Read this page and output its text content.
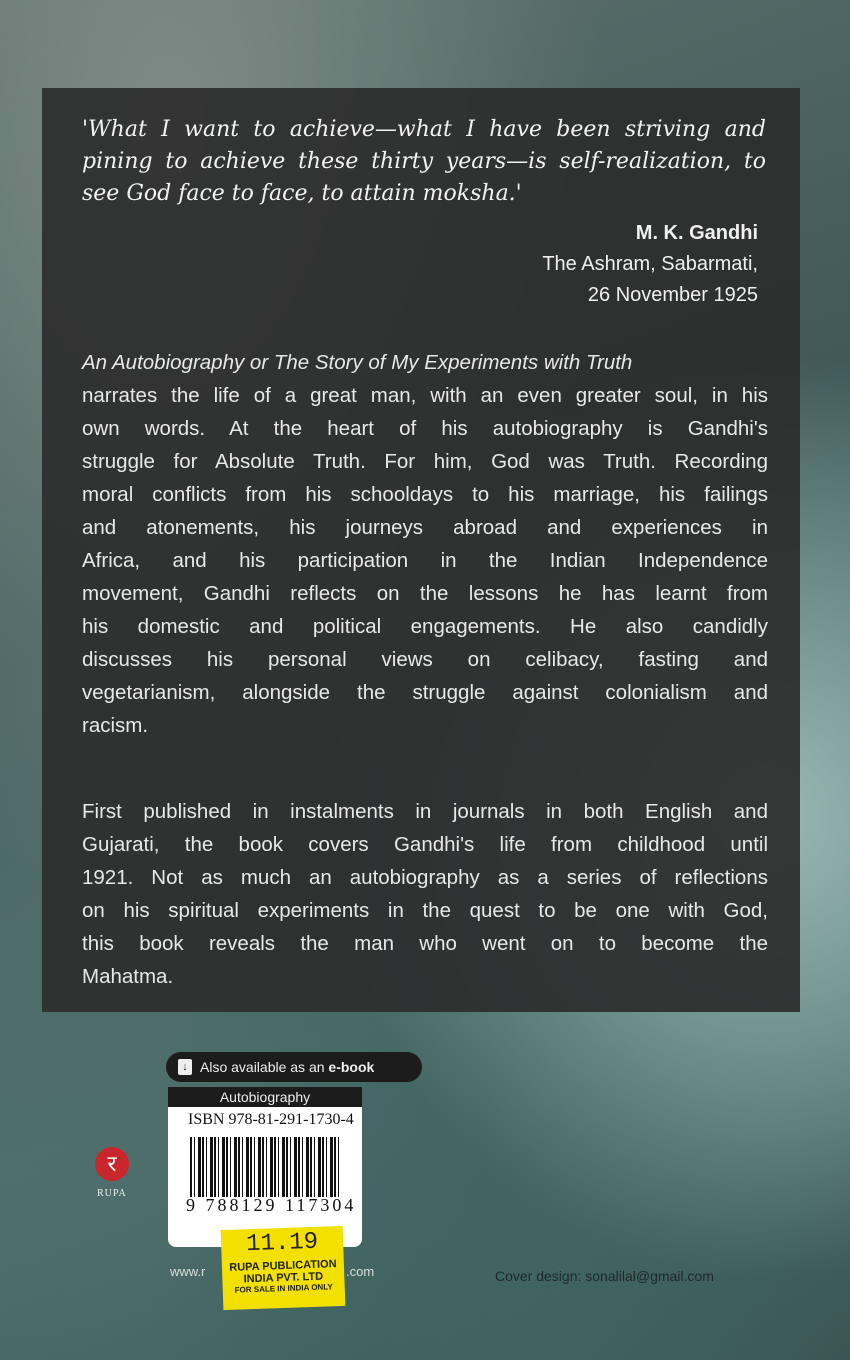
'What I want to achieve—what I have been striving and
pining to achieve these thirty years—is self-realization, to
see God face to face, to attain moksha.'
M. K. Gandhi
The Ashram, Sabarmati,
26 November 1925
An Autobiography or The Story of My Experiments with Truth
narrates the life of a great man, with an even greater soul, in his
own words. At the heart of his autobiography is Gandhi's
struggle for Absolute Truth. For him, God was Truth. Recording
moral conflicts from his schooldays to his marriage, his failings
and atonements, his journeys abroad and experiences in
Africa, and his participation in the Indian Independence
movement, Gandhi reflects on the lessons he has learnt from
his domestic and political engagements. He also candidly
discusses his personal views on celibacy, fasting and
vegetarianism, alongside the struggle against colonialism and
racism.
First published in instalments in journals in both English and
Gujarati, the book covers Gandhi's life from childhood until
1921. Not as much an autobiography as a series of reflections
on his spiritual experiments in the quest to be one with God,
this book reveals the man who went on to become the
Mahatma.
↓ Also available as an
e-book
Autobiography
ISBN 978-81-291-1730-4
9 788129 117304
र
RUPA
www.r	.com
11.19
RUPA PUBLICATION
INDIA PVT. LTD
FOR SALE IN INDIA ONLY
Cover design: sonalilal@gmail.com
